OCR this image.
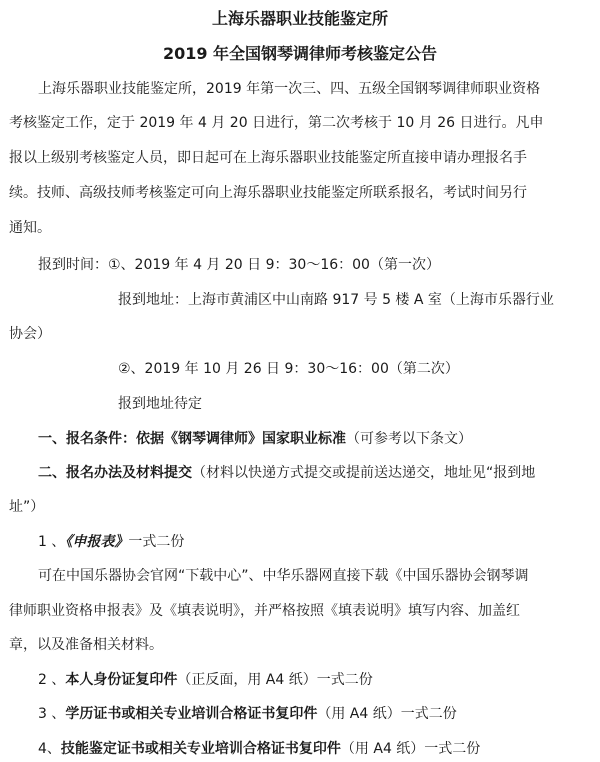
上海乐器职业技能鉴定所
2019 年全国钢琴调律师考核鉴定公告

上海乐器职业技能鉴定所，2019 年第一次三、四、五级全国钢琴调律师职业资格

考核鉴定工作，定于 2019 年 4 月 20 日进行，第二次考核于 10 月 26 日进行。凡申

报以上级别考核鉴定人员，即日起可在上海乐器职业技能鉴定所直接申请办理报名手

续。技师、高级技师考核鉴定可向上海乐器职业技能鉴定所联系报名，考试时间另行

通知。

报到时间：①、2019 年 4 月 20 日 9：30～16：00（第一次）

报到地址：上海市黄浦区中山南路 917 号 5 楼 A 室（上海市乐器行业

协会）

②、2019 年 10 月 26 日 9：30～16：00（第二次）

报到地址待定

一、报名条件：依据《钢琴调律师》国家职业标准（可参考以下条文）

二、报名办法及材料提交（材料以快递方式提交或提前送达递交，地址见“报到地

址”）

1 、《申报表》一式二份

可在中国乐器协会官网“下载中心”、中华乐器网直接下载《中国乐器协会钢琴调

律师职业资格申报表》及《填表说明》，并严格按照《填表说明》填写内容、加盖红

章，以及准备相关材料。

2 、本人身份证复印件（正反面，用 A4 纸）一式二份

3 、学历证书或相关专业培训合格证书复印件（用 A4 纸）一式二份

4、技能鉴定证书或相关专业培训合格证书复印件（用 A4 纸）一式二份
